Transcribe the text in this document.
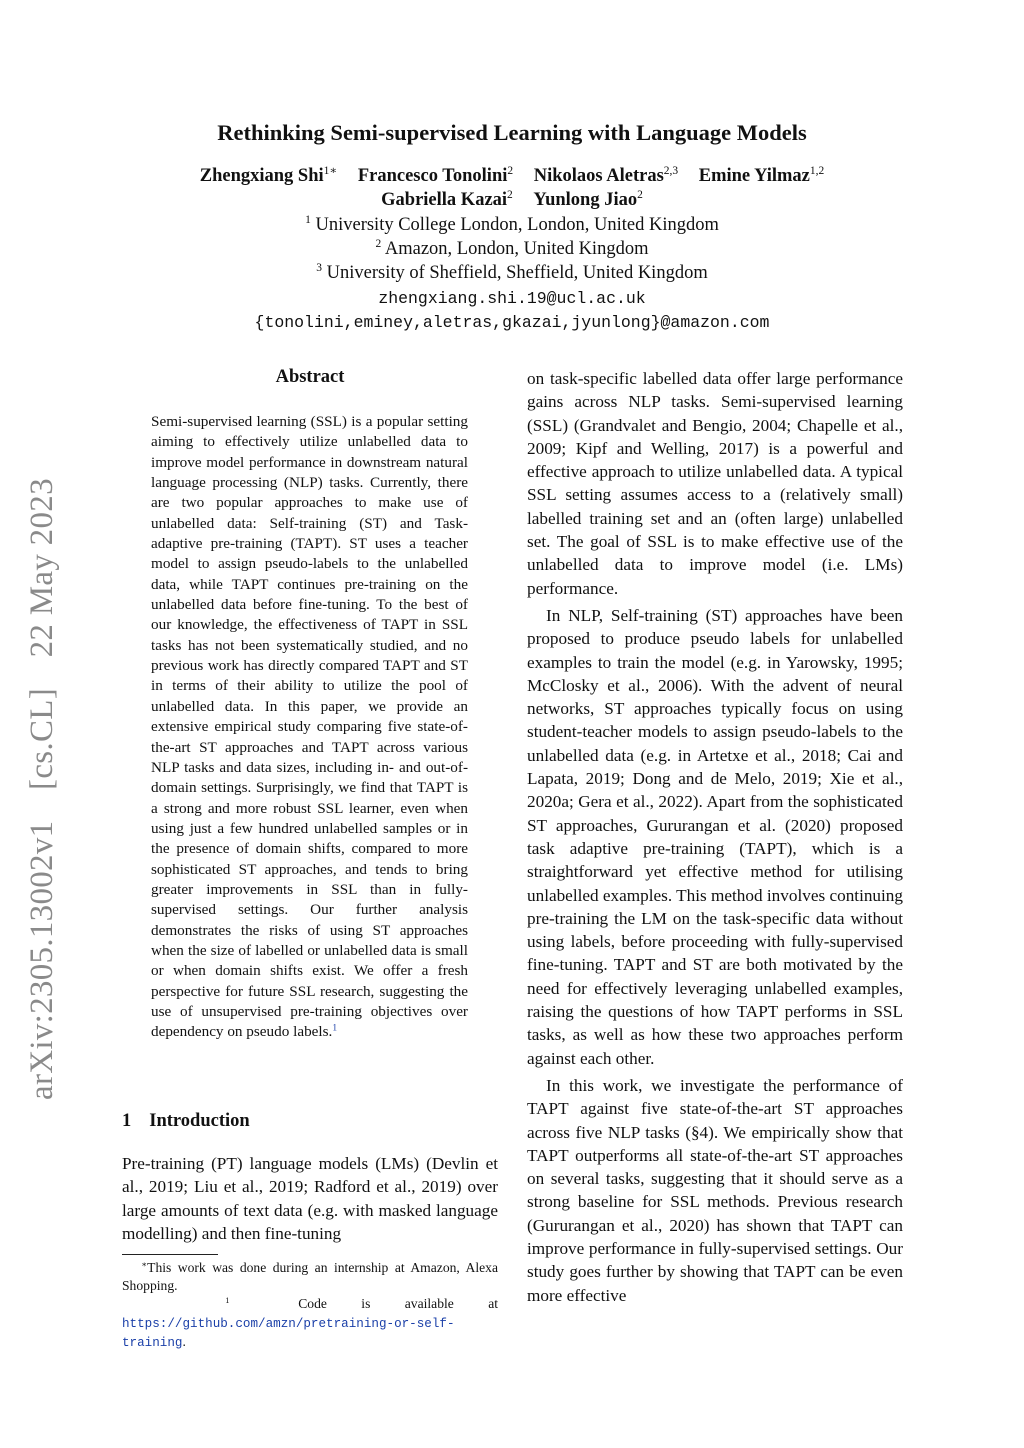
arXiv:2305.13002v1 [cs.CL] 22 May 2023
Rethinking Semi-supervised Learning with Language Models
Zhengxiang Shi$^{1∗}$ Francesco Tonolini$^2$ Nikolaos Aletras$^{2,3}$ Emine Yilmaz$^{1,2}$
Gabriella Kazai$^2$ Yunlong Jiao$^2$
$^1$ University College London, London, United Kingdom
$^2$ Amazon, London, United Kingdom
$^3$ University of Sheffield, Sheffield, United Kingdom
zhengxiang.shi.19@ucl.ac.uk
{tonolini,eminey,aletras,gkazai,jyunlong}@amazon.com
Abstract

Semi-supervised learning (SSL) is a popular setting aiming to effectively utilize unlabelled data to improve model performance in downstream natural language processing (NLP) tasks. Currently, there are two popular approaches to make use of unlabelled data: Self-training (ST) and Task-adaptive pre-training (TAPT). ST uses a teacher model to assign pseudo-labels to the unlabelled data, while TAPT continues pre-training on the unlabelled data before fine-tuning. To the best of our knowledge, the effectiveness of TAPT in SSL tasks has not been systematically studied, and no previous work has directly compared TAPT and ST in terms of their ability to utilize the pool of unlabelled data. In this paper, we provide an extensive empirical study comparing five state-of-the-art ST approaches and TAPT across various NLP tasks and data sizes, including in- and out-of-domain settings. Surprisingly, we find that TAPT is a strong and more robust SSL learner, even when using just a few hundred unlabelled samples or in the presence of domain shifts, compared to more sophisticated ST approaches, and tends to bring greater improvements in SSL than in fully-supervised settings. Our further analysis demonstrates the risks of using ST approaches when the size of labelled or unlabelled data is small or when domain shifts exist. We offer a fresh perspective for future SSL research, suggesting the use of unsupervised pre-training objectives over dependency on pseudo labels.$^1$

1 Introduction

Pre-training (PT) language models (LMs) (Devlin et al., 2019; Liu et al., 2019; Radford et al., 2019) over large amounts of text data (e.g. with masked language modelling) and then fine-tuning

∗This work was done during an internship at Amazon, Alexa Shopping.

$^1$	Code is available at https://github.com/amzn/pretraining-or-self-training.

on task-specific labelled data offer large performance gains across NLP tasks. Semi-supervised learning (SSL) (Grandvalet and Bengio, 2004; Chapelle et al., 2009; Kipf and Welling, 2017) is a powerful and effective approach to utilize unlabelled data. A typical SSL setting assumes access to a (relatively small) labelled training set and an (often large) unlabelled set. The goal of SSL is to make effective use of the unlabelled data to improve model (i.e. LMs) performance.

In NLP, Self-training (ST) approaches have been proposed to produce pseudo labels for unlabelled examples to train the model (e.g. in Yarowsky, 1995; McClosky et al., 2006). With the advent of neural networks, ST approaches typically focus on using student-teacher models to assign pseudo-labels to the unlabelled data (e.g. in Artetxe et al., 2018; Cai and Lapata, 2019; Dong and de Melo, 2019; Xie et al., 2020a; Gera et al., 2022). Apart from the sophisticated ST approaches, Gururangan et al. (2020) proposed task adaptive pre-training (TAPT), which is a straightforward yet effective method for utilising unlabelled examples. This method involves continuing pre-training the LM on the task-specific data without using labels, before proceeding with fully-supervised fine-tuning. TAPT and ST are both motivated by the need for effectively leveraging unlabelled examples, raising the questions of how TAPT performs in SSL tasks, as well as how these two approaches perform against each other.

In this work, we investigate the performance of TAPT against five state-of-the-art ST approaches across five NLP tasks (§4). We empirically show that TAPT outperforms all state-of-the-art ST approaches on several tasks, suggesting that it should serve as a strong baseline for SSL methods. Previous research (Gururangan et al., 2020) has shown that TAPT can improve performance in fully-supervised settings. Our study goes further by showing that TAPT can be even more effective
